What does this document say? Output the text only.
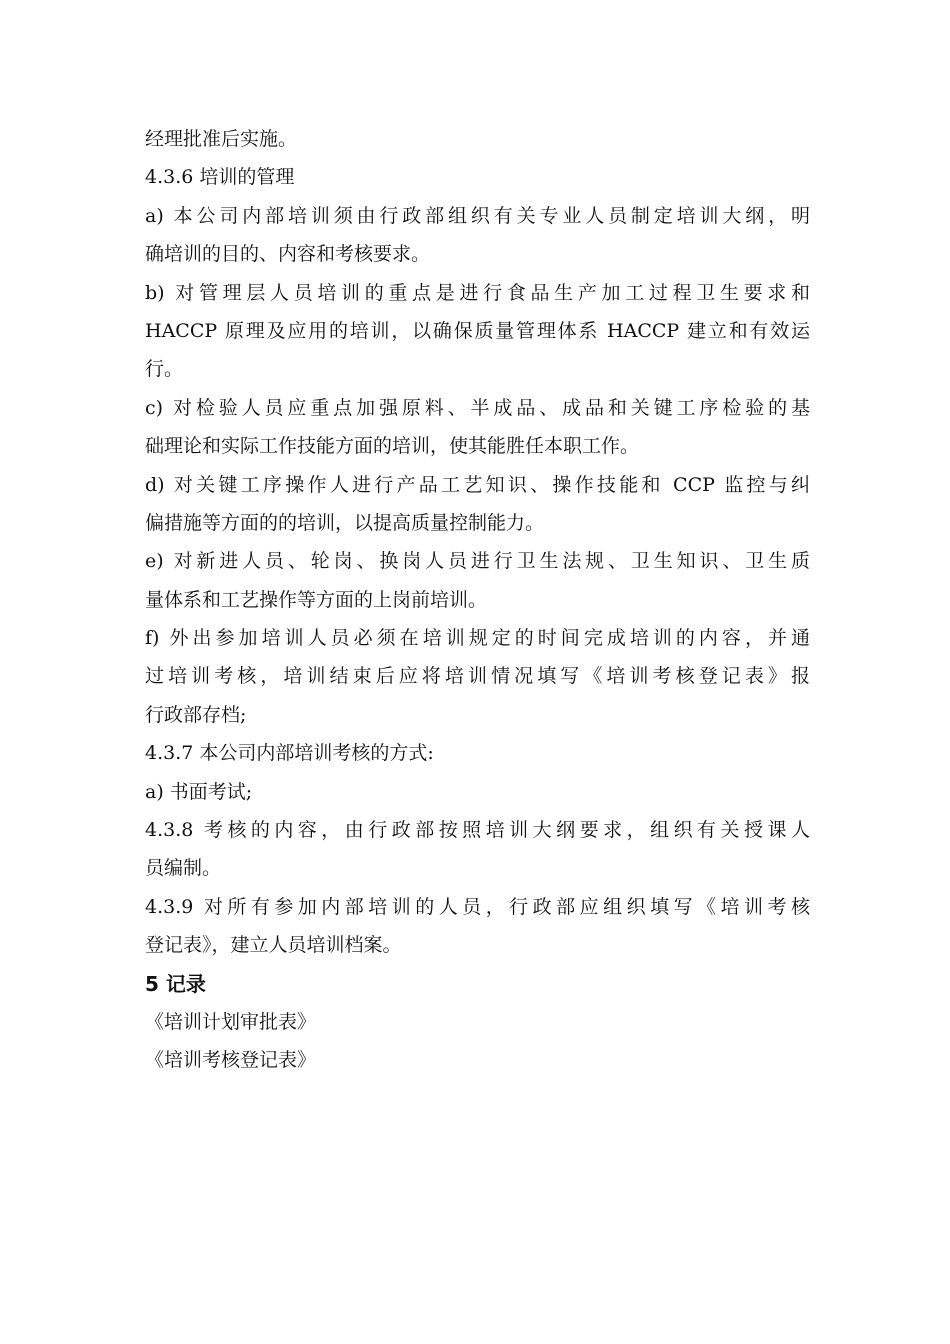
经理批准后实施。
4.3.6 培训的管理
a) 本公司内部培训须由行政部组织有关专业人员制定培训大纲，明
确培训的目的、内容和考核要求。
b) 对管理层人员培训的重点是进行食品生产加工过程卫生要求和
HACCP 原理及应用的培训，以确保质量管理体系 HACCP 建立和有效运
行。
c) 对检验人员应重点加强原料、半成品、成品和关键工序检验的基
础理论和实际工作技能方面的培训，使其能胜任本职工作。
d) 对关键工序操作人进行产品工艺知识、操作技能和 CCP 监控与纠
偏措施等方面的的培训，以提高质量控制能力。
e) 对新进人员、轮岗、换岗人员进行卫生法规、卫生知识、卫生质
量体系和工艺操作等方面的上岗前培训。
f) 外出参加培训人员必须在培训规定的时间完成培训的内容，并通
过培训考核，培训结束后应将培训情况填写《培训考核登记表》报
行政部存档;
4.3.7 本公司内部培训考核的方式:
a) 书面考试;
4.3.8 考核的内容，由行政部按照培训大纲要求，组织有关授课人
员编制。
4.3.9 对所有参加内部培训的人员，行政部应组织填写《培训考核
登记表》，建立人员培训档案。
5 记录
《培训计划审批表》
《培训考核登记表》
